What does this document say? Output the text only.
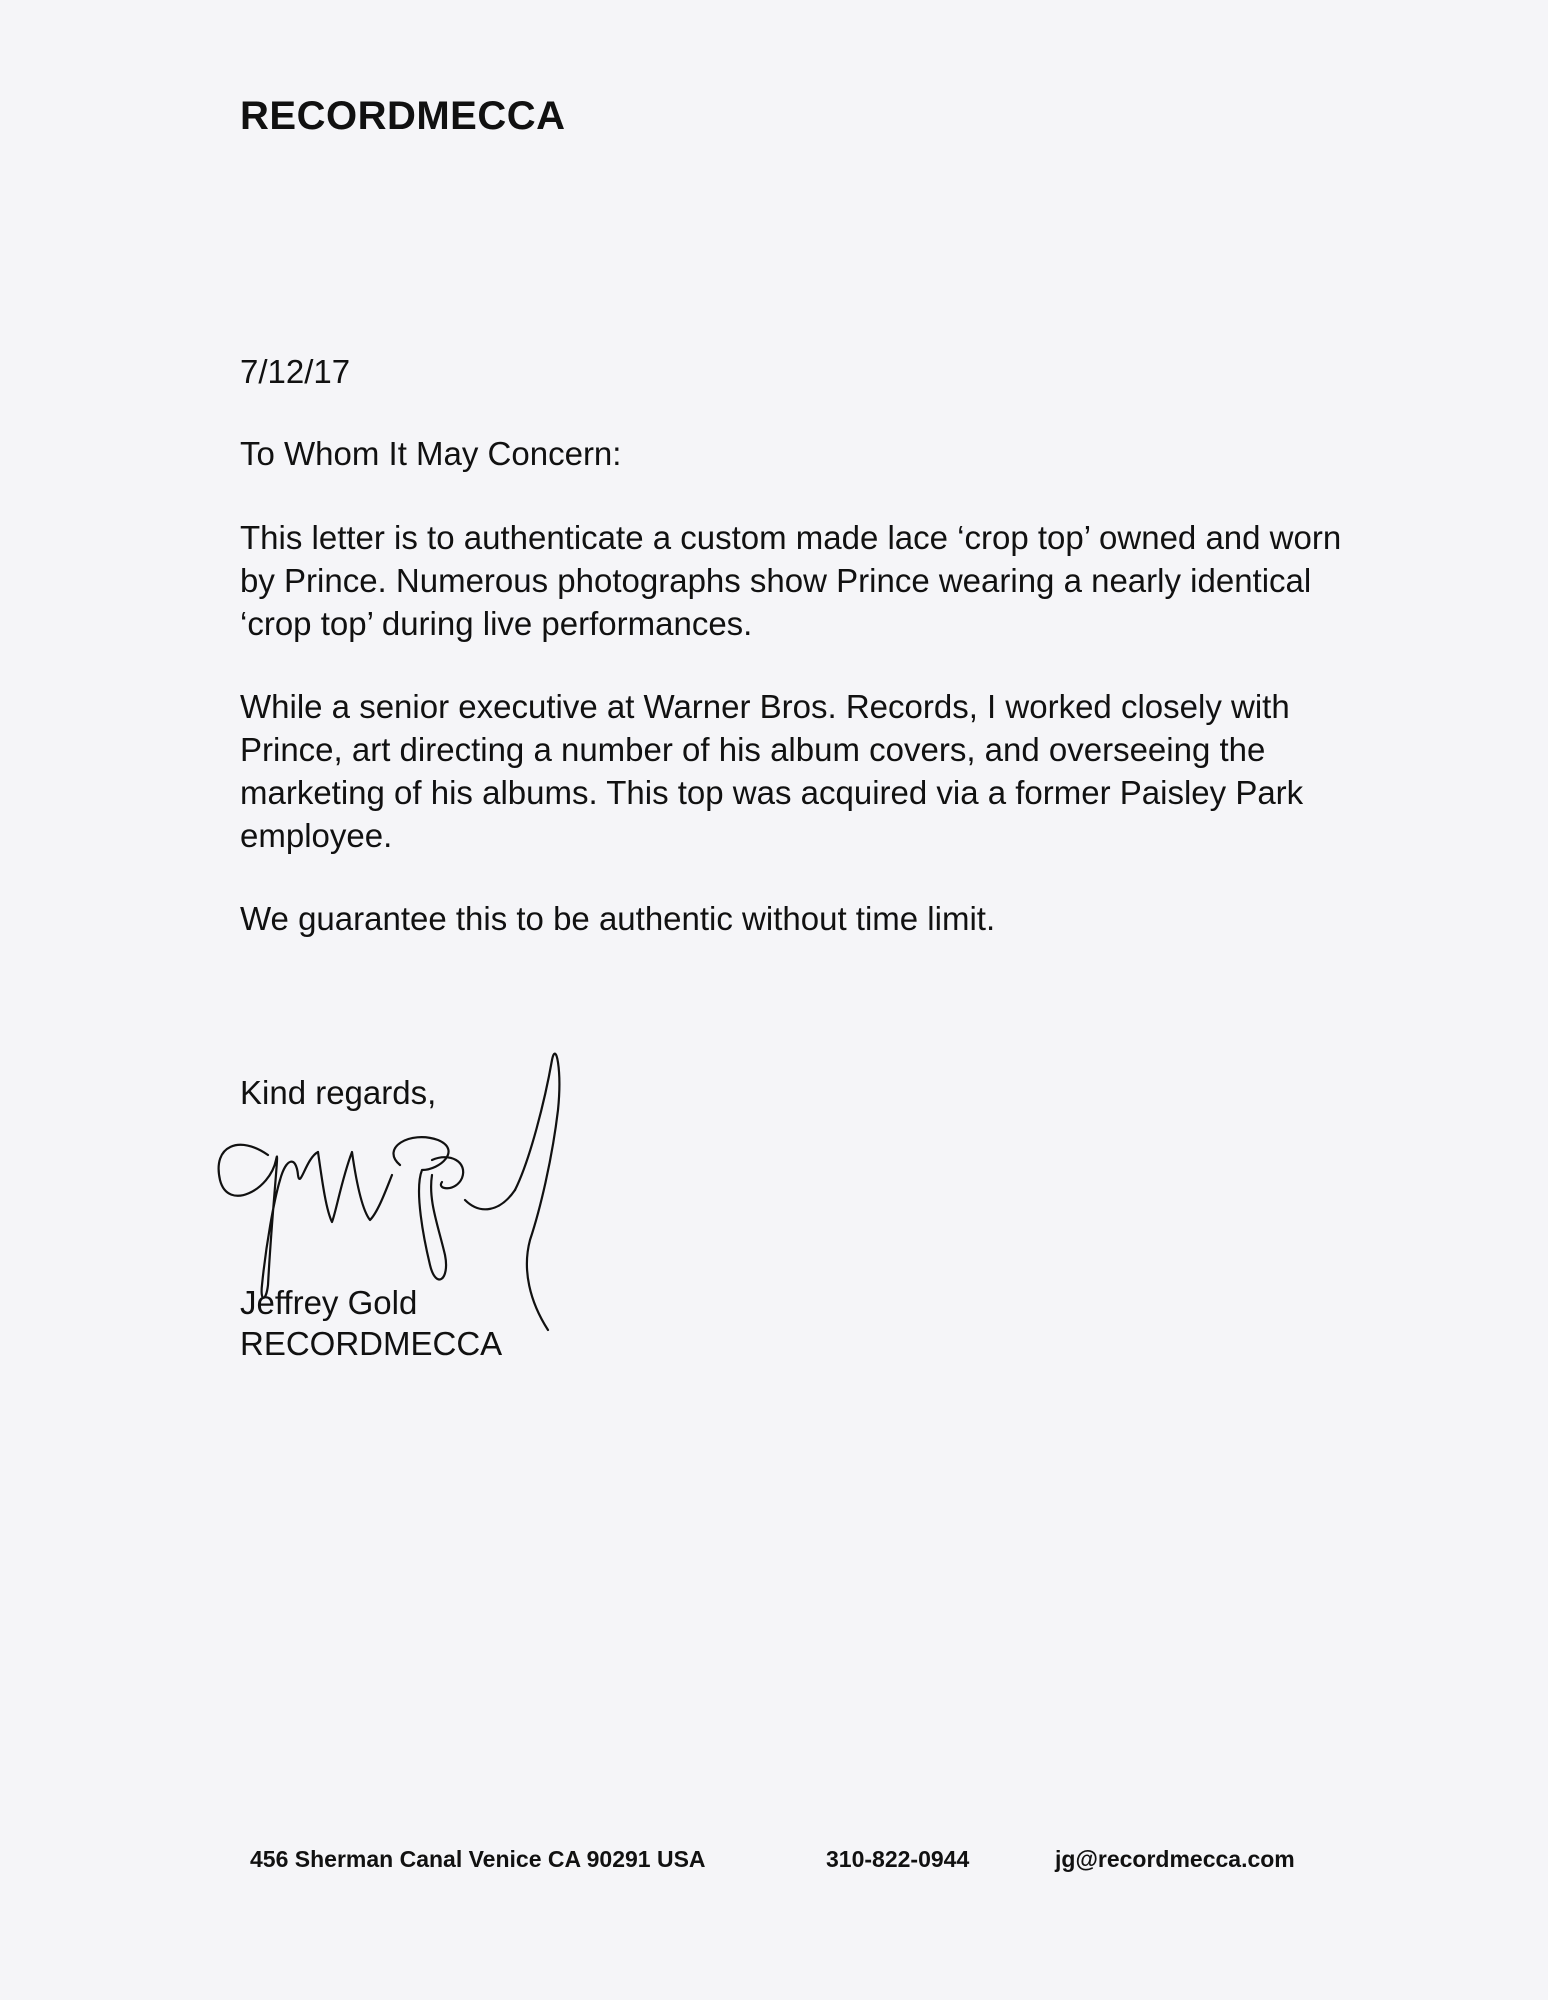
RECORDMECCA

7/12/17

To Whom It May Concern:

This letter is to authenticate a custom made lace ‘crop top’ owned and worn by Prince. Numerous photographs show Prince wearing a nearly identical ‘crop top’ during live performances.

While a senior executive at Warner Bros. Records, I worked closely with Prince, art directing a number of his album covers, and overseeing the marketing of his albums. This top was acquired via a former Paisley Park employee.

We guarantee this to be authentic without time limit.

Kind regards,

Jeffrey Gold

RECORDMECCA

456 Sherman Canal Venice CA 90291 USA	310-822-0944	jg@recordmecca.com
